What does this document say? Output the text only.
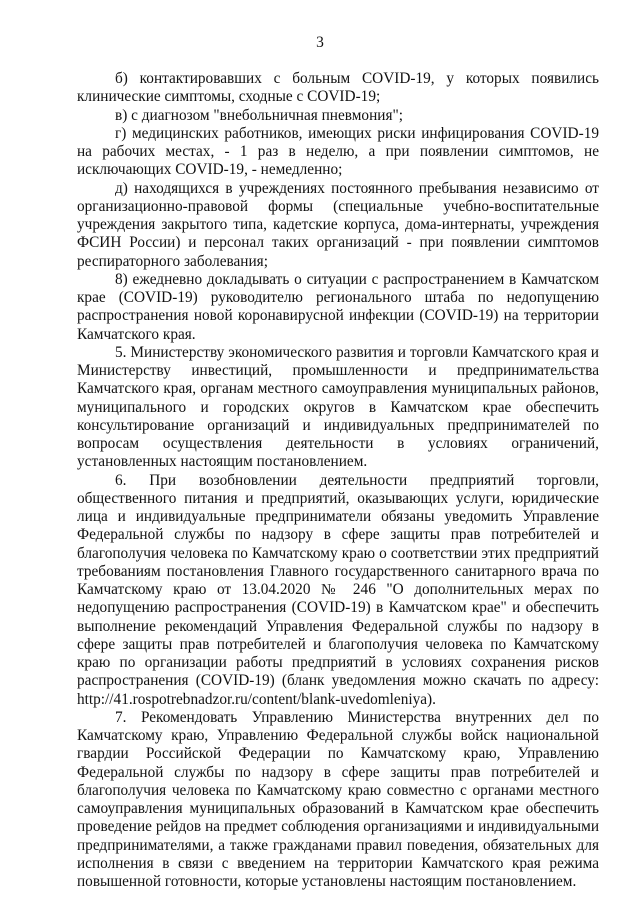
3

б) контактировавших с больным COVID-19, у которых появились клинические симптомы, сходные с COVID-19;

в) с диагнозом "внебольничная пневмония";

г) медицинских работников, имеющих риски инфицирования COVID-19 на рабочих местах, - 1 раз в неделю, а при появлении симптомов, не исключающих COVID-19, - немедленно;

д) находящихся в учреждениях постоянного пребывания независимо от организационно-правовой формы (специальные учебно-воспитательные учреждения закрытого типа, кадетские корпуса, дома-интернаты, учреждения ФСИН России) и персонал таких организаций - при появлении симптомов респираторного заболевания;

8) ежедневно докладывать о ситуации с распространением в Камчатском крае (COVID-19) руководителю регионального штаба по недопущению распространения новой коронавирусной инфекции (COVID-19) на территории Камчатского края.

5. Министерству экономического развития и торговли Камчатского края и Министерству инвестиций, промышленности и предпринимательства Камчатского края, органам местного самоуправления муниципальных районов, муниципального и городских округов в Камчатском крае обеспечить консультирование организаций и индивидуальных предпринимателей по вопросам осуществления деятельности в условиях ограничений, установленных настоящим постановлением.

6. При возобновлении деятельности предприятий торговли, общественного питания и предприятий, оказывающих услуги, юридические лица и индивидуальные предприниматели обязаны уведомить Управление Федеральной службы по надзору в сфере защиты прав потребителей и благополучия человека по Камчатскому краю о соответствии этих предприятий требованиям постановления Главного государственного санитарного врача по Камчатскому краю от 13.04.2020 № 246 "О дополнительных мерах по недопущению распространения (COVID-19) в Камчатском крае" и обеспечить выполнение рекомендаций Управления Федеральной службы по надзору в сфере защиты прав потребителей и благополучия человека по Камчатскому краю по организации работы предприятий в условиях сохранения рисков распространения (COVID-19) (бланк уведомления можно скачать по адресу: http://41.rospotrebnadzor.ru/content/blank-uvedomleniya).

7. Рекомендовать Управлению Министерства внутренних дел по Камчатскому краю, Управлению Федеральной службы войск национальной гвардии Российской Федерации по Камчатскому краю, Управлению Федеральной службы по надзору в сфере защиты прав потребителей и благополучия человека по Камчатскому краю совместно с органами местного самоуправления муниципальных образований в Камчатском крае обеспечить проведение рейдов на предмет соблюдения организациями и индивидуальными предпринимателями, а также гражданами правил поведения, обязательных для исполнения в связи с введением на территории Камчатского края режима повышенной готовности, которые установлены настоящим постановлением.
